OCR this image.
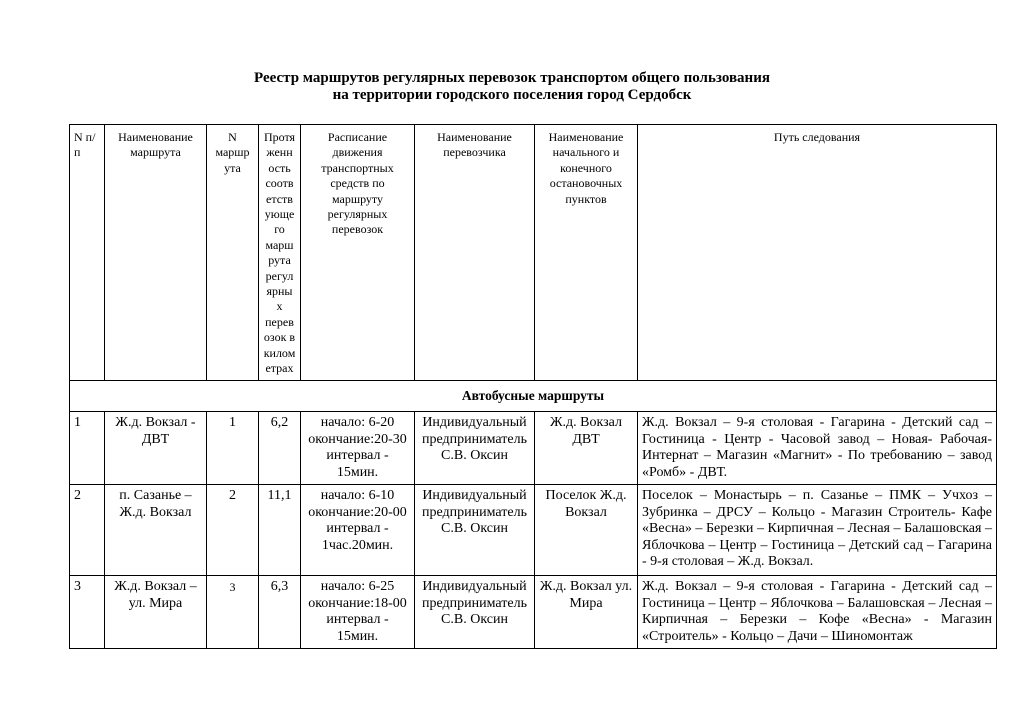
Реестр маршрутов регулярных перевозок транспортом общего пользования
на территории городского поселения город Сердобск
N п/п	Наименование маршрута	N маршр ута	Протя женн ость соотв етств ующе го марш рута регул ярны х перев озок в килом етрах	Расписание движения транспортных средств по маршруту регулярных перевозок	Наименование перевозчика	Наименование начального и конечного остановочных пунктов	Путь следования
Автобусные маршруты							
1	Ж.д. Вокзал - ДВТ	1	6,2	начало: 6-20 окончание:20-30 интервал - 15мин.	Индивидуальный предприниматель С.В. Оксин	Ж.д. Вокзал ДВТ	Ж.д. Вокзал – 9-я столовая - Гагарина - Детский сад – Гостиница - Центр - Часовой завод – Новая- Рабочая- Интернат – Магазин «Магнит» - По требованию – завод «Ромб» - ДВТ.
2	п. Сазанье – Ж.д. Вокзал	2	11,1	начало: 6-10 окончание:20-00 интервал - 1час.20мин.	Индивидуальный предприниматель С.В. Оксин	Поселок Ж.д. Вокзал	Поселок – Монастырь – п. Сазанье – ПМК – Учхоз – Зубринка – ДРСУ – Кольцо - Магазин Строитель- Кафе «Весна» – Березки – Кирпичная – Лесная – Балашовская – Яблочкова – Центр – Гостиница – Детский сад – Гагарина - 9-я столовая – Ж.д. Вокзал.
3	Ж.д. Вокзал – ул. Мира	3	6,3	начало: 6-25 окончание:18-00 интервал - 15мин.	Индивидуальный предприниматель С.В. Оксин	Ж.д. Вокзал ул. Мира	Ж.д. Вокзал – 9-я столовая - Гагарина - Детский сад – Гостиница – Центр – Яблочкова – Балашовская – Лесная – Кирпичная – Березки – Кофе «Весна» - Магазин «Строитель» - Кольцо – Дачи – Шиномонтаж
